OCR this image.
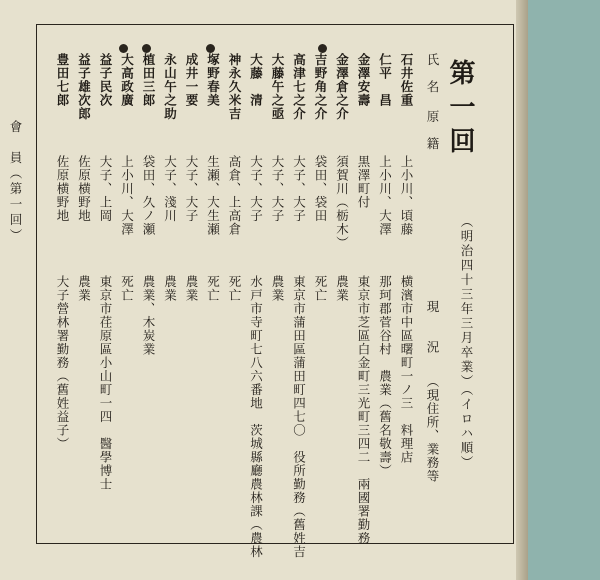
會　員（第一回）
第一回
（明治四十三年三月卒業）（イロハ順）
氏　名
原　籍
現　　況
（現住所、業務等
石井佐重
上小川、頃藤
横濱市中區曙町一ノ三　料理店
仁平　昌
上小川、大澤
那珂郡菅谷村　農業（舊名敬壽）
金澤安壽
黒澤町付
東京市芝區白金町三光町三四二　兩國署勤務
金澤倉之介
須賀川（栃木）
農業
吉野角之介
袋田、袋田
死亡
高津七之介
大子、大子
東京市蒲田區蒲田町四七〇　役所勤務（舊姓吉
大藤午之亟
大子、大子
農業
大藤　清
大子、大子
水戸市寺町七八六番地　茨城縣廳農林課（農林
神永久米吉
高倉、上高倉
死亡
塚野春美
生瀬、大生瀬
死亡
成井一要
大子、大子
農業
永山午之助
大子、淺川
農業
植田三郎
袋田、久ノ瀬
農業、木炭業
大高政廣
上小川、大澤
死亡
益子民次
大子、上岡
東京市荏原區小山町一四　醫學博士
益子雄次郎
佐原横野地
農業
豊田七郎
佐原横野地
大子營林署勤務（舊姓益子）
